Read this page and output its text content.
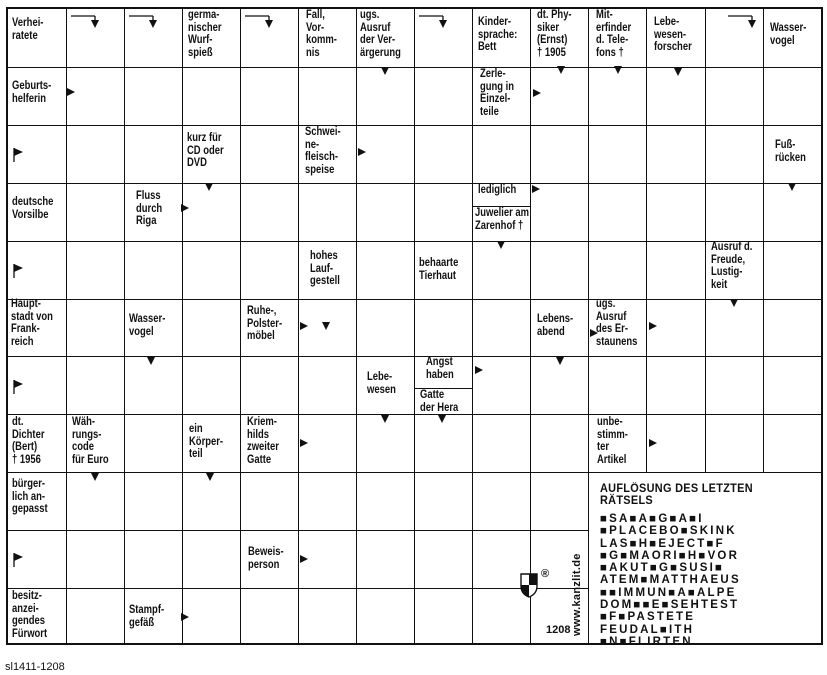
AUFLÖSUNG DES LETZTEN RÄTSELS
■SA■A■G■A■I
■PLACEBO■SKINK
LAS■H■EJECT■F
■G■MAORI■H■VOR
■AKUT■G■SUSI■
ATEM■MATTHAEUS
■■IMMUN■A■ALPE
DOM■■E■SEHTEST
■F■PASTETE
FEUDAL■ITH
■N■FLIRTEN
www.kanzlit.de
1208
®
sl1411-1208
Verhei-
ratete
germa-
nischer
Wurf-
spieß
Fall,
Vor-
komm-
nis
ugs.
Ausruf
der Ver-
ärgerung
Kinder-
sprache:
Bett
dt. Phy-
siker
(Ernst)
† 1905
Mit-
erfinder
d. Tele-
fons †
Lebe-
wesen-
forscher
Wasser-
vogel
Geburts-
helferin
Zerle-
gung in
Einzel-
teile
kurz für
CD oder
DVD
Schwei-
ne-
fleisch-
speise
Fuß-
rücken
deutsche
Vorsilbe
Fluss
durch
Riga
lediglich
Juwelier am
Zarenhof †
hohes
Lauf-
gestell
behaarte
Tierhaut
Ausruf d.
Freude,
Lustig-
keit
Haupt-
stadt von
Frank-
reich
Wasser-
vogel
Ruhe-,
Polster-
möbel
Lebens-
abend
ugs.
Ausruf
des Er-
staunens
Lebe-
wesen
Angst
haben
Gatte
der Hera
dt.
Dichter
(Bert)
† 1956
Wäh-
rungs-
code
für Euro
ein
Körper-
teil
Kriem-
hilds
zweiter
Gatte
unbe-
stimm-
ter
Artikel
bürger-
lich an-
gepasst
Beweis-
person
besitz-
anzei-
gendes
Fürwort
Stampf-
gefäß
